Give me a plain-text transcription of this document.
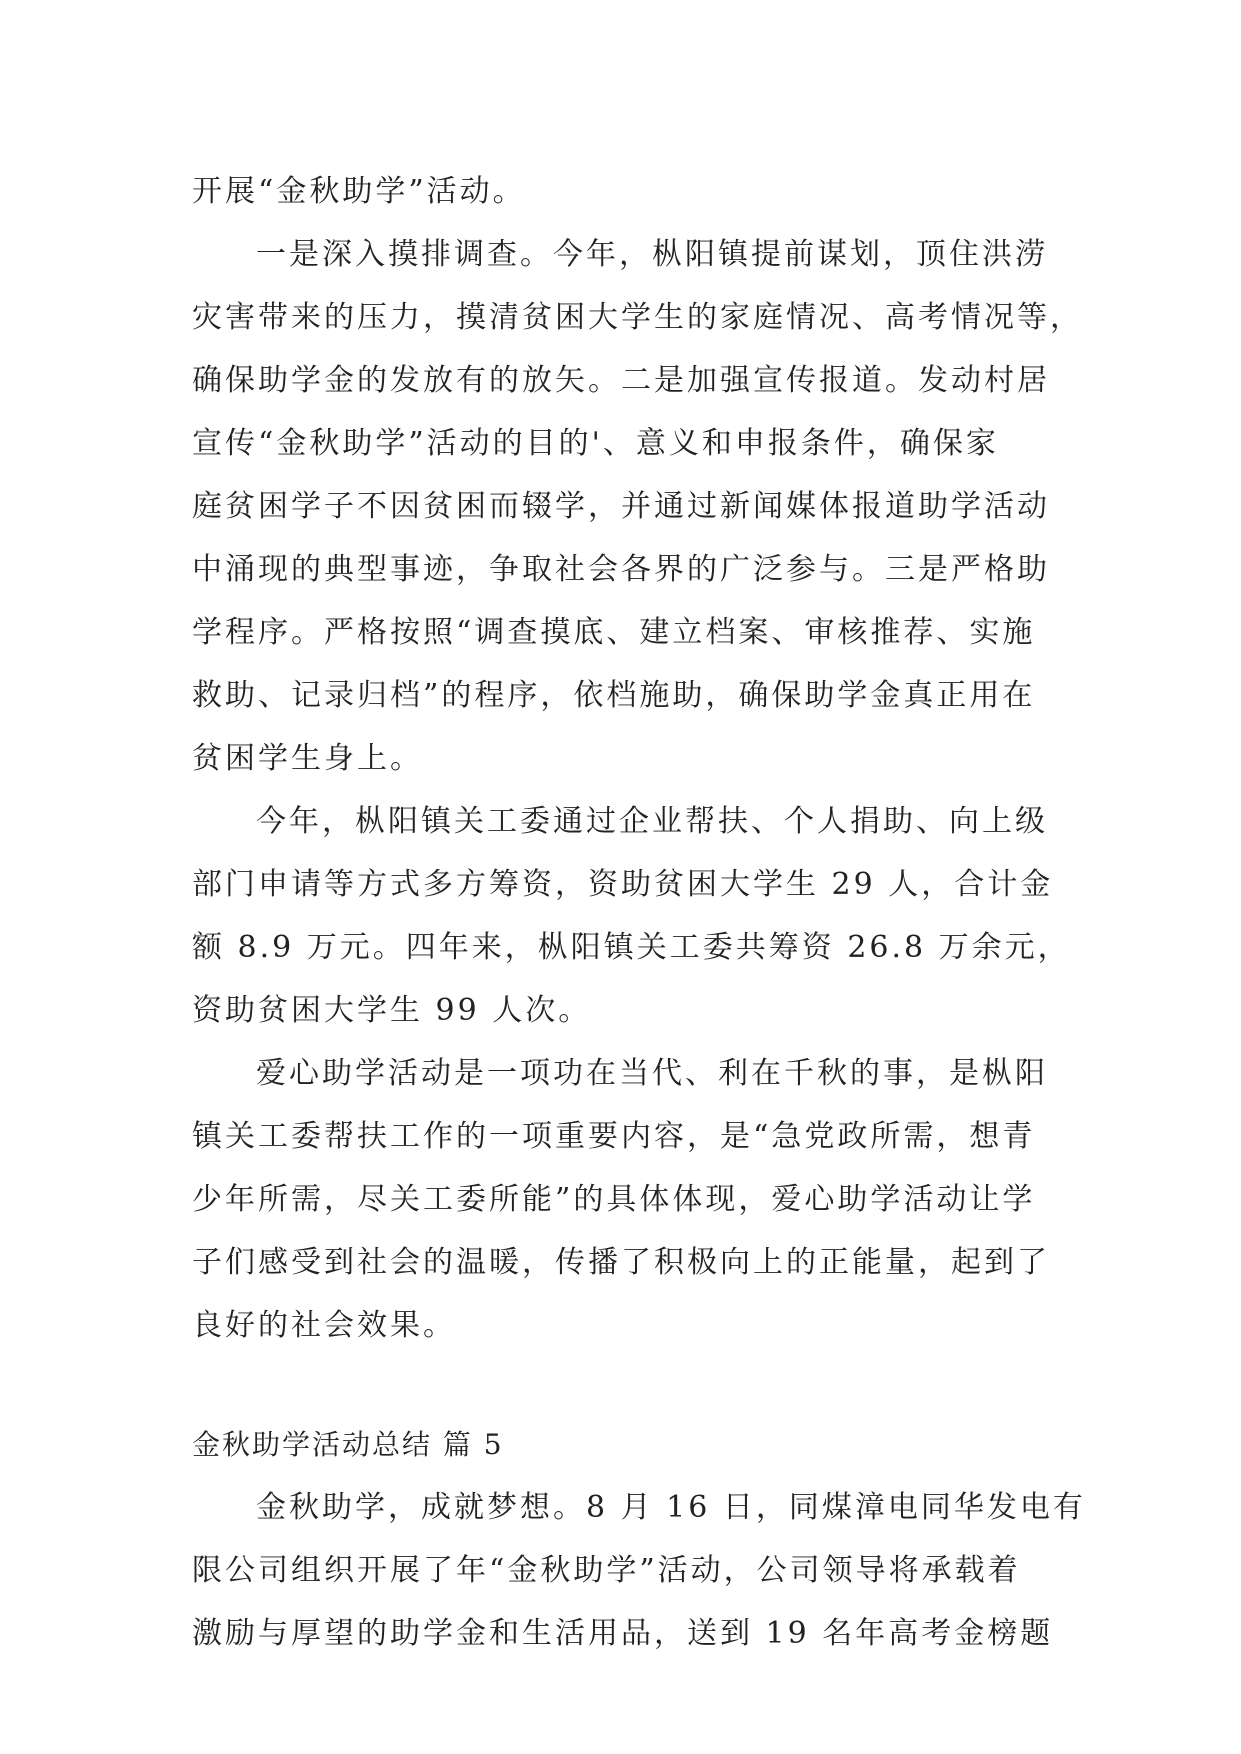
开展“金秋助学”活动。
一是深入摸排调查。今年，枞阳镇提前谋划，顶住洪涝
灾害带来的压力，摸清贫困大学生的家庭情况、高考情况等，
确保助学金的发放有的放矢。二是加强宣传报道。发动村居
宣传“金秋助学”活动的目的'、意义和申报条件，确保家
庭贫困学子不因贫困而辍学，并通过新闻媒体报道助学活动
中涌现的典型事迹，争取社会各界的广泛参与。三是严格助
学程序。严格按照“调查摸底、建立档案、审核推荐、实施
救助、记录归档”的程序，依档施助，确保助学金真正用在
贫困学生身上。
今年，枞阳镇关工委通过企业帮扶、个人捐助、向上级
部门申请等方式多方筹资，资助贫困大学生 29 人，合计金
额 8.9 万元。四年来，枞阳镇关工委共筹资 26.8 万余元，
资助贫困大学生 99 人次。
爱心助学活动是一项功在当代、利在千秋的事，是枞阳
镇关工委帮扶工作的一项重要内容，是“急党政所需，想青
少年所需，尽关工委所能”的具体体现，爱心助学活动让学
子们感受到社会的温暖，传播了积极向上的正能量，起到了
良好的社会效果。
金秋助学活动总结 篇 5
金秋助学，成就梦想。8 月 16 日，同煤漳电同华发电有
限公司组织开展了年“金秋助学”活动，公司领导将承载着
激励与厚望的助学金和生活用品，送到 19 名年高考金榜题
